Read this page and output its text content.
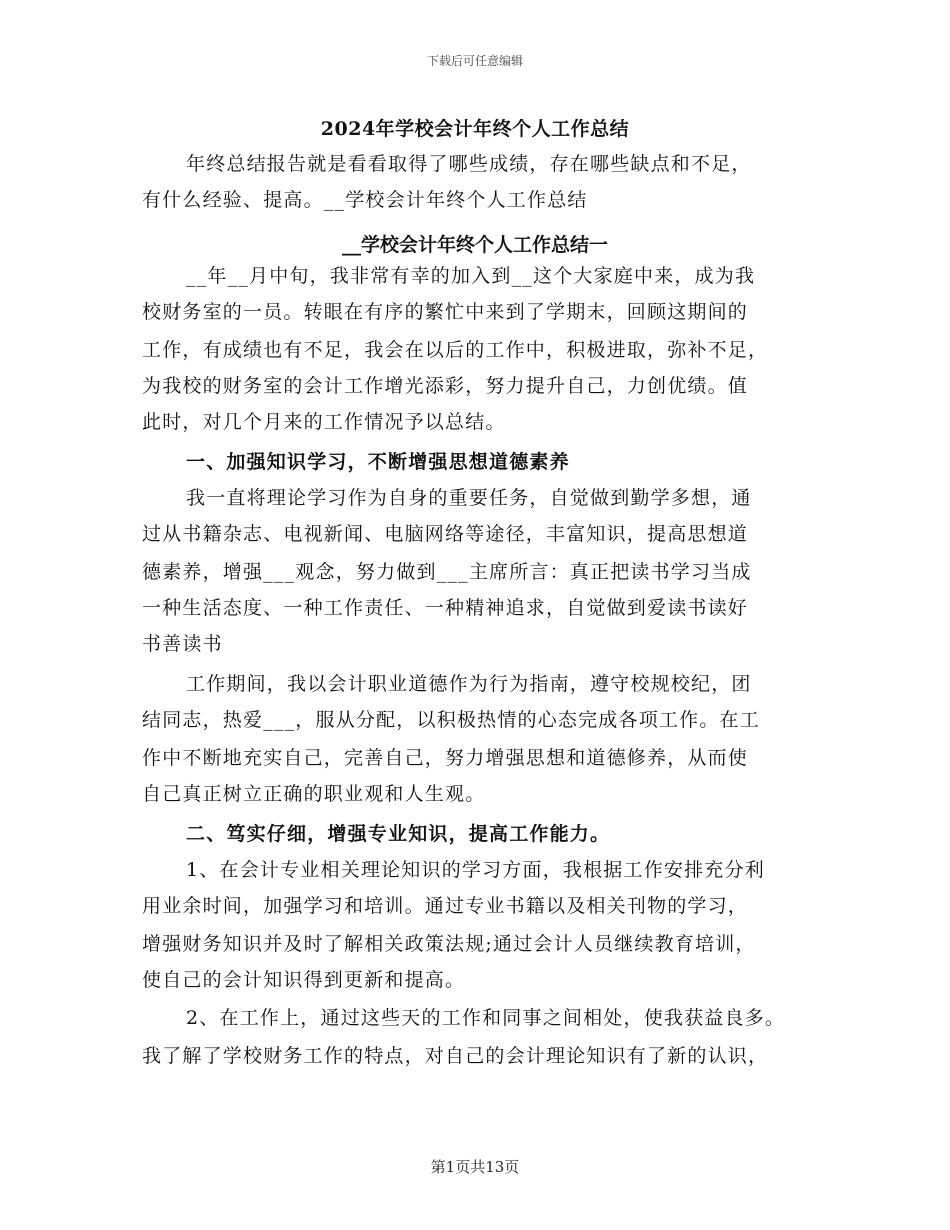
下载后可任意编辑
2024年学校会计年终个人工作总结
年终总结报告就是看看取得了哪些成绩，存在哪些缺点和不足，
有什么经验、提高。__学校会计年终个人工作总结
__学校会计年终个人工作总结一
__年__月中旬，我非常有幸的加入到__这个大家庭中来，成为我
校财务室的一员。转眼在有序的繁忙中来到了学期末，回顾这期间的
工作，有成绩也有不足，我会在以后的工作中，积极进取，弥补不足，
为我校的财务室的会计工作增光添彩，努力提升自己，力创优绩。值
此时，对几个月来的工作情况予以总结。
一、加强知识学习，不断增强思想道德素养
我一直将理论学习作为自身的重要任务，自觉做到勤学多想，通
过从书籍杂志、电视新闻、电脑网络等途径，丰富知识，提高思想道
德素养，增强___观念，努力做到___主席所言：真正把读书学习当成
一种生活态度、一种工作责任、一种精神追求，自觉做到爱读书读好
书善读书
工作期间，我以会计职业道德作为行为指南，遵守校规校纪，团
结同志，热爱___，服从分配，以积极热情的心态完成各项工作。在工
作中不断地充实自己，完善自己，努力增强思想和道德修养，从而使
自己真正树立正确的职业观和人生观。
二、笃实仔细，增强专业知识，提高工作能力。
1、在会计专业相关理论知识的学习方面，我根据工作安排充分利
用业余时间，加强学习和培训。通过专业书籍以及相关刊物的学习，
增强财务知识并及时了解相关政策法规;通过会计人员继续教育培训，
使自己的会计知识得到更新和提高。
2、在工作上，通过这些天的工作和同事之间相处，使我获益良多。
我了解了学校财务工作的特点，对自己的会计理论知识有了新的认识，
第1页共13页
